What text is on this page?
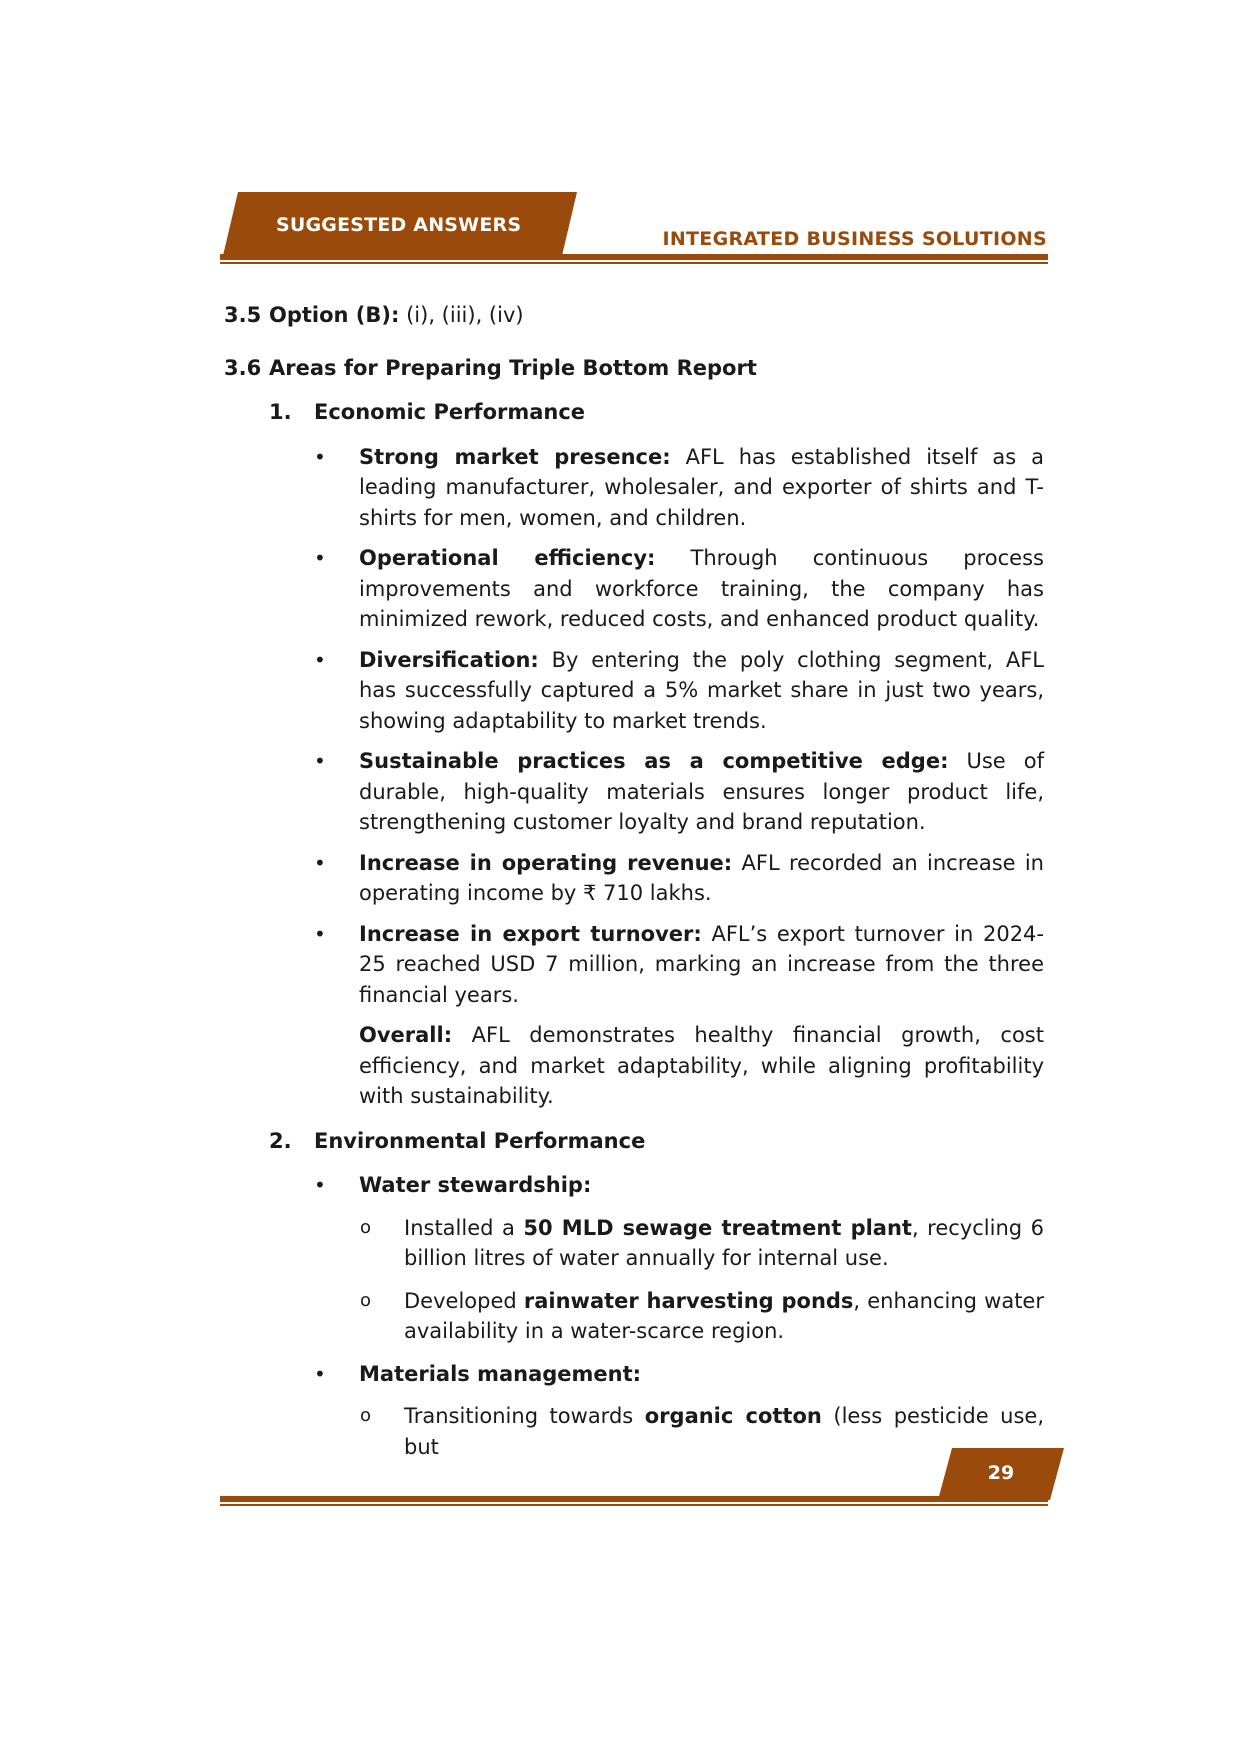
SUGGESTED ANSWERS
INTEGRATED BUSINESS SOLUTIONS
3.5 Option (B): (i), (iii), (iv)
3.6 Areas for Preparing Triple Bottom Report
1. Economic Performance
• Strong market presence: AFL has established itself as a leading manufacturer, wholesaler, and exporter of shirts and T-shirts for men, women, and children.
• Operational efficiency: Through continuous process improvements and workforce training, the company has minimized rework, reduced costs, and enhanced product quality.
• Diversification: By entering the poly clothing segment, AFL has successfully captured a 5% market share in just two years, showing adaptability to market trends.
• Sustainable practices as a competitive edge: Use of durable, high-quality materials ensures longer product life, strengthening customer loyalty and brand reputation.
• Increase in operating revenue: AFL recorded an increase in operating income by ₹ 710 lakhs.
• Increase in export turnover: AFL’s export turnover in 2024-25 reached USD 7 million, marking an increase from the three financial years.
Overall: AFL demonstrates healthy financial growth, cost efficiency, and market adaptability, while aligning profitability with sustainability.
2. Environmental Performance
• Water stewardship:
o Installed a 50 MLD sewage treatment plant, recycling 6 billion litres of water annually for internal use.
o Developed rainwater harvesting ponds, enhancing water availability in a water-scarce region.
• Materials management:
o Transitioning towards organic cotton (less pesticide use, but
29
